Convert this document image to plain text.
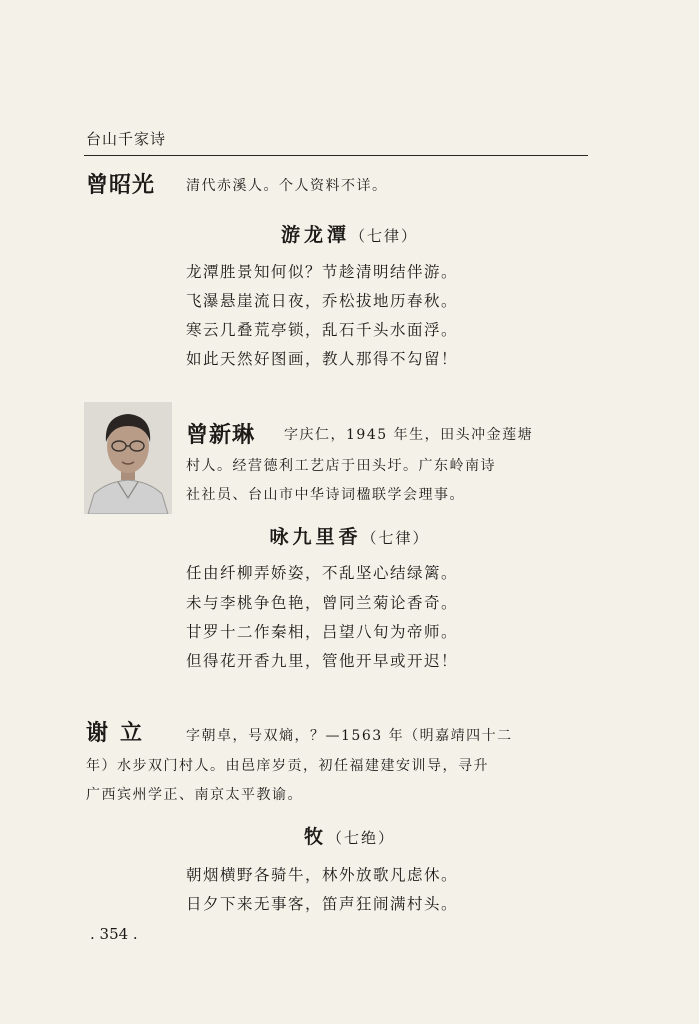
台山千家诗
曾昭光 清代赤溪人。个人资料不详。
游龙潭（七律）
龙潭胜景知何似？节趁清明结伴游。
飞瀑悬崖流日夜，乔松拔地历春秋。
寒云几叠荒亭锁，乱石千头水面浮。
如此天然好图画，教人那得不勾留！
曾新琳 字庆仁，1945 年生，田头冲金莲塘
村人。经营德利工艺店于田头圩。广东岭南诗
社社员、台山市中华诗词楹联学会理事。
咏九里香（七律）
任由纤柳弄娇姿，不乱坚心结绿篱。
未与李桃争色艳，曾同兰菊论香奇。
甘罗十二作秦相，吕望八旬为帝师。
但得花开香九里，管他开早或开迟！
谢立 字朝卓，号双熵，？—1563 年（明嘉靖四十二
年）水步双门村人。由邑庠岁贡，初任福建建安训导，寻升
广西宾州学正、南京太平教谕。
牧（七绝）
朝烟横野各骑牛，林外放歌凡虑休。
日夕下来无事客，笛声狂闹满村头。
. 354 .
